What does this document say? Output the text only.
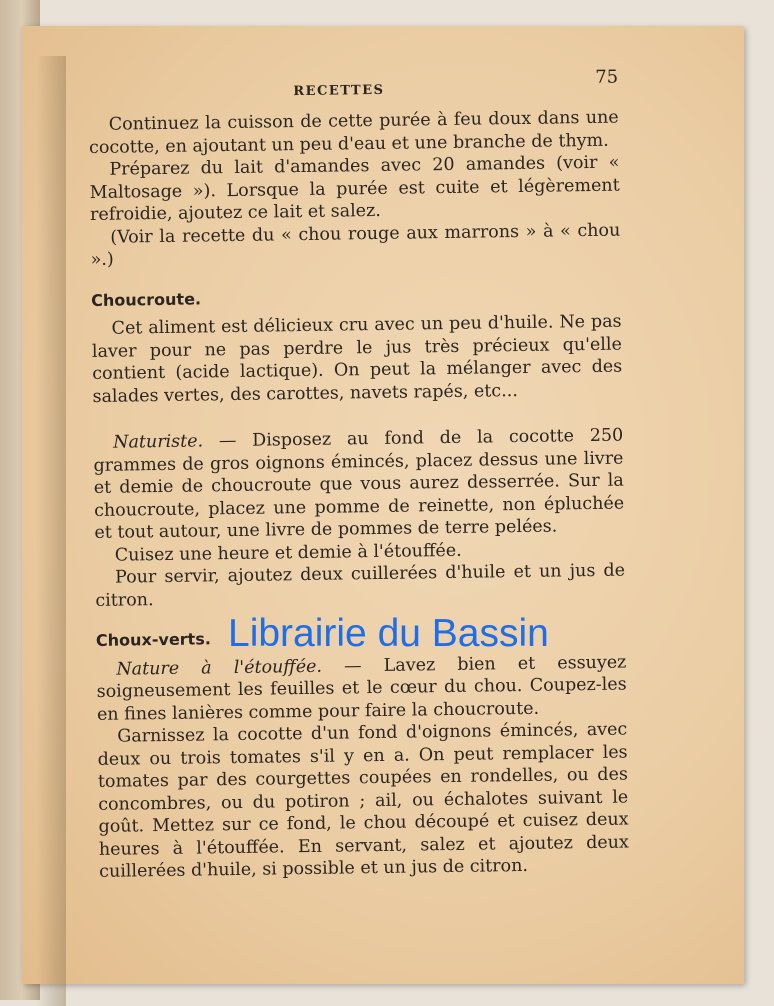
RECETTES
75

Continuez la cuisson de cette purée à feu doux dans une cocotte, en ajoutant un peu d'eau et une branche de thym.

Préparez du lait d'amandes avec 20 amandes (voir « Maltosage »). Lorsque la purée est cuite et légèrement refroidie, ajoutez ce lait et salez.

(Voir la recette du « chou rouge aux marrons » à « chou ».)

Choucroute.

Cet aliment est délicieux cru avec un peu d'huile. Ne pas laver pour ne pas perdre le jus très précieux qu'elle contient (acide lactique). On peut la mélanger avec des salades vertes, des carottes, navets rapés, etc...

Naturiste. — Disposez au fond de la cocotte 250 grammes de gros oignons émincés, placez dessus une livre et demie de choucroute que vous aurez desserrée. Sur la choucroute, placez une pomme de reinette, non épluchée et tout autour, une livre de pommes de terre pelées.

Cuisez une heure et demie à l'étouffée.

Pour servir, ajoutez deux cuillerées d'huile et un jus de citron.

Choux-verts.

Nature à l'étouffée. — Lavez bien et essuyez soigneusement les feuilles et le cœur du chou. Coupez-les en fines lanières comme pour faire la choucroute.

Garnissez la cocotte d'un fond d'oignons émincés, avec deux ou trois tomates s'il y en a. On peut remplacer les tomates par des courgettes coupées en rondelles, ou des concombres, ou du potiron ; ail, ou échalotes suivant le goût. Mettez sur ce fond, le chou découpé et cuisez deux heures à l'étouffée. En servant, salez et ajoutez deux cuillerées d'huile, si possible et un jus de citron.

Librairie du Bassin
